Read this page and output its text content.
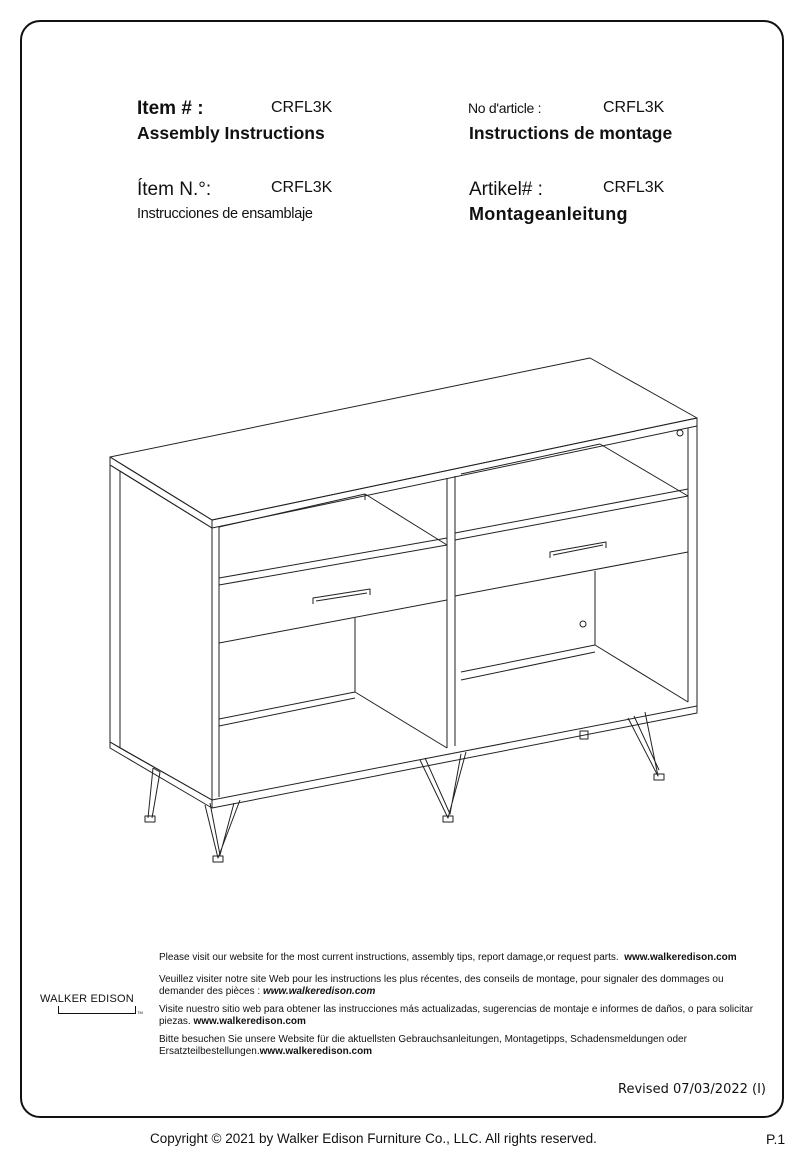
Item # :	CRFL3K
Assembly Instructions
No d'article :	CRFL3K
Instructions de montage
Ítem N.°:	CRFL3K
Instrucciones de ensamblaje
Artikel# :	CRFL3K
Montageanleitung

Please visit our website for the most current instructions, assembly tips, report damage,or request parts. www.walkeredison.com

Veuillez visiter notre site Web pour les instructions les plus récentes, des conseils de montage, pour signaler des dommages ou demander des pièces : www.walkeredison.com

Visite nuestro sitio web para obtener las instrucciones más actualizadas, sugerencias de montaje e informes de daños, o para solicitar piezas. www.walkeredison.com

Bitte besuchen Sie unsere Website für die aktuellsten Gebrauchsanleitungen, Montagetipps, Schadensmeldungen oder Ersatzteilbestellungen.www.walkeredison.com

WALKER EDISON
TM
Revised 07/03/2022 (I)
Copyright © 2021 by Walker Edison Furniture Co., LLC. All rights reserved.	P.1
